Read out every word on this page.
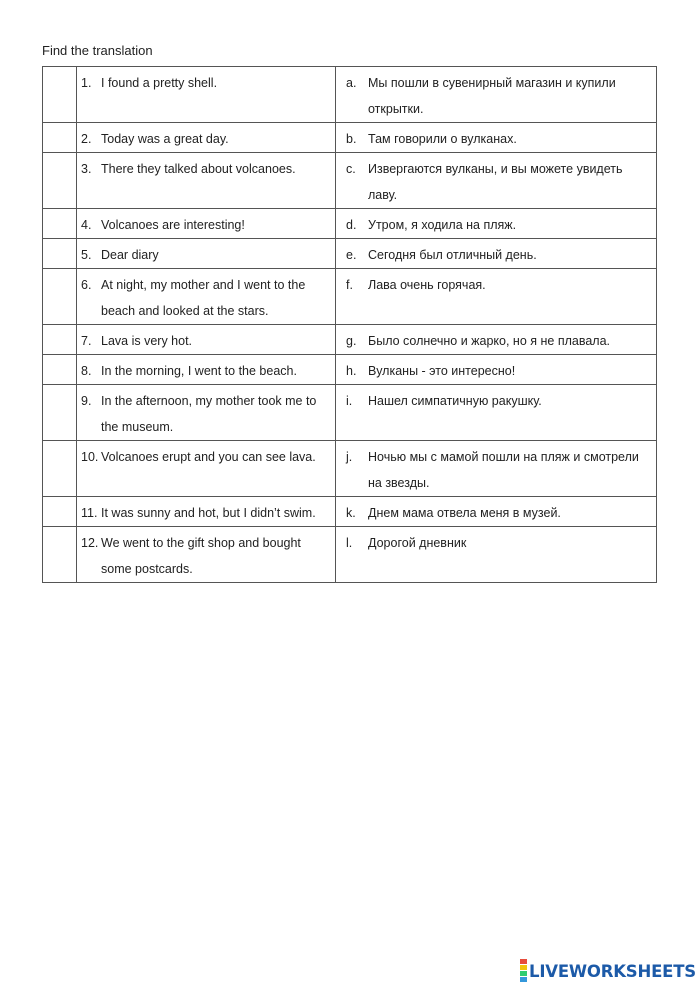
Find the translation

	1. I found a pretty shell.	a. Мы пошли в сувенирный магазин и купили открытки.

	2. Today was a great day.	b. Там говорили о вулканах.

	3. There they talked about volcanoes.	c. Извергаются вулканы, и вы можете увидеть лаву.

	4. Volcanoes are interesting!	d. Утром, я ходила на пляж.

	5. Dear diary	e. Сегодня был отличный день.

	6. At night, my mother and I went to the beach and looked at the stars.	f. Лава очень горячая.

	7. Lava is very hot.	g. Было солнечно и жарко, но я не плавала.

	8. In the morning, I went to the beach.	h. Вулканы - это интересно!

	9. In the afternoon, my mother took me to the museum.	i. Нашел симпатичную ракушку.

	10. Volcanoes erupt and you can see lava.	j. Ночью мы с мамой пошли на пляж и смотрели на звезды.

	11. It was sunny and hot, but I didn’t swim.	k. Днем мама отвела меня в музей.

	12. We went to the gift shop and bought some postcards.	l. Дорогой дневник
LIVEWORKSHEETS
